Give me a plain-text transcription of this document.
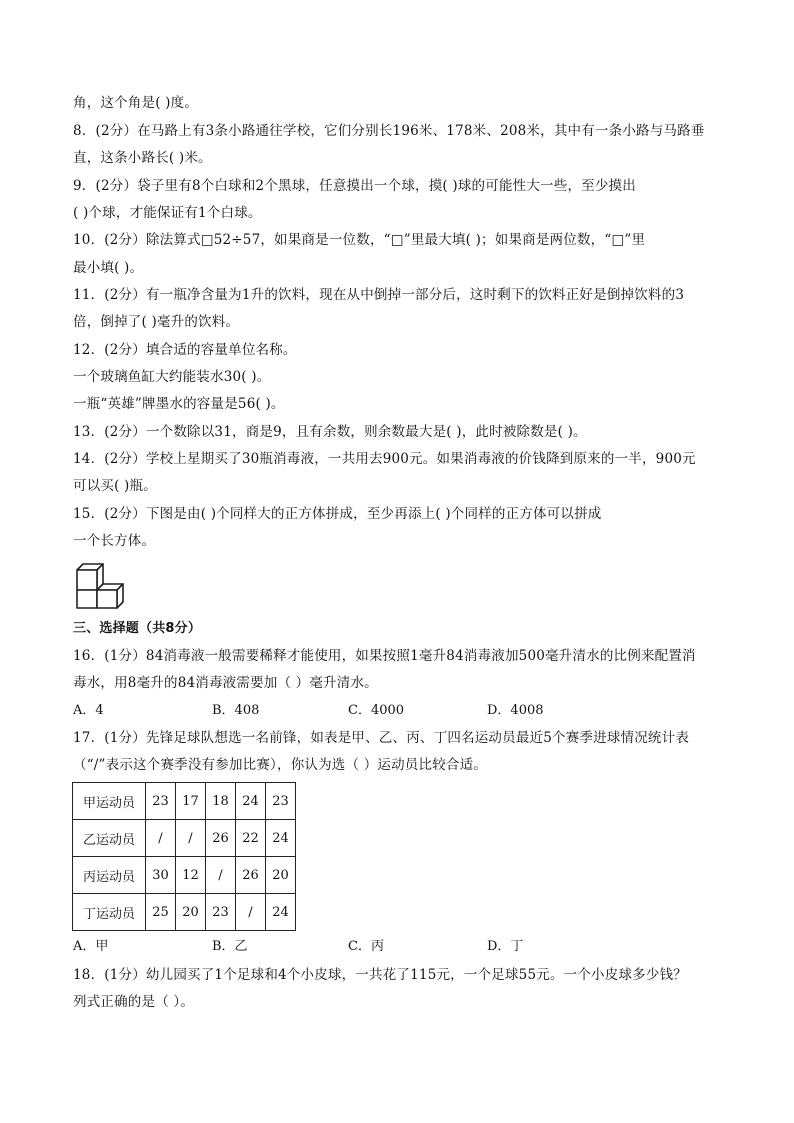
角，这个角是( )度。
8．(2分）在马路上有3条小路通往学校，它们分别长196米、178米、208米，其中有一条小路与马路垂
直，这条小路长( )米。
9．(2分）袋子里有8个白球和2个黑球，任意摸出一个球，摸( )球的可能性大一些，至少摸出
( )个球，才能保证有1个白球。
10．(2分）除法算式□52÷57，如果商是一位数，“□”里最大填( )；如果商是两位数，“□”里
最小填( )。
11．(2分）有一瓶净含量为1升的饮料，现在从中倒掉一部分后，这时剩下的饮料正好是倒掉饮料的3
倍，倒掉了( )毫升的饮料。
12．(2分）填合适的容量单位名称。
一个玻璃鱼缸大约能装水30( )。
一瓶“英雄”牌墨水的容量是56( )。
13．(2分）一个数除以31，商是9，且有余数，则余数最大是( )，此时被除数是( )。
14．(2分）学校上星期买了30瓶消毒液，一共用去900元。如果消毒液的价钱降到原来的一半，900元
可以买( )瓶。
15．(2分）下图是由( )个同样大的正方体拼成，至少再添上( )个同样的正方体可以拼成
一个长方体。
三、选择题（共8分）
16．(1分）84消毒液一般需要稀释才能使用，如果按照1毫升84消毒液加500毫升清水的比例来配置消
毒水，用8毫升的84消毒液需要加（ ）毫升清水。
A．4	B．408	C．4000	D．4008
17．(1分）先锋足球队想选一名前锋，如表是甲、乙、丙、丁四名运动员最近5个赛季进球情况统计表
（“/”表示这个赛季没有参加比赛），你认为选（ ）运动员比较合适。
甲运动员	23	17	18	24	23
乙运动员	/	/	26	22	24
丙运动员	30	12	/	26	20
丁运动员	25	20	23	/	24
A．甲	B．乙	C．丙	D．丁
18．(1分）幼儿园买了1个足球和4个小皮球，一共花了115元，一个足球55元。一个小皮球多少钱？
列式正确的是（ ）。
